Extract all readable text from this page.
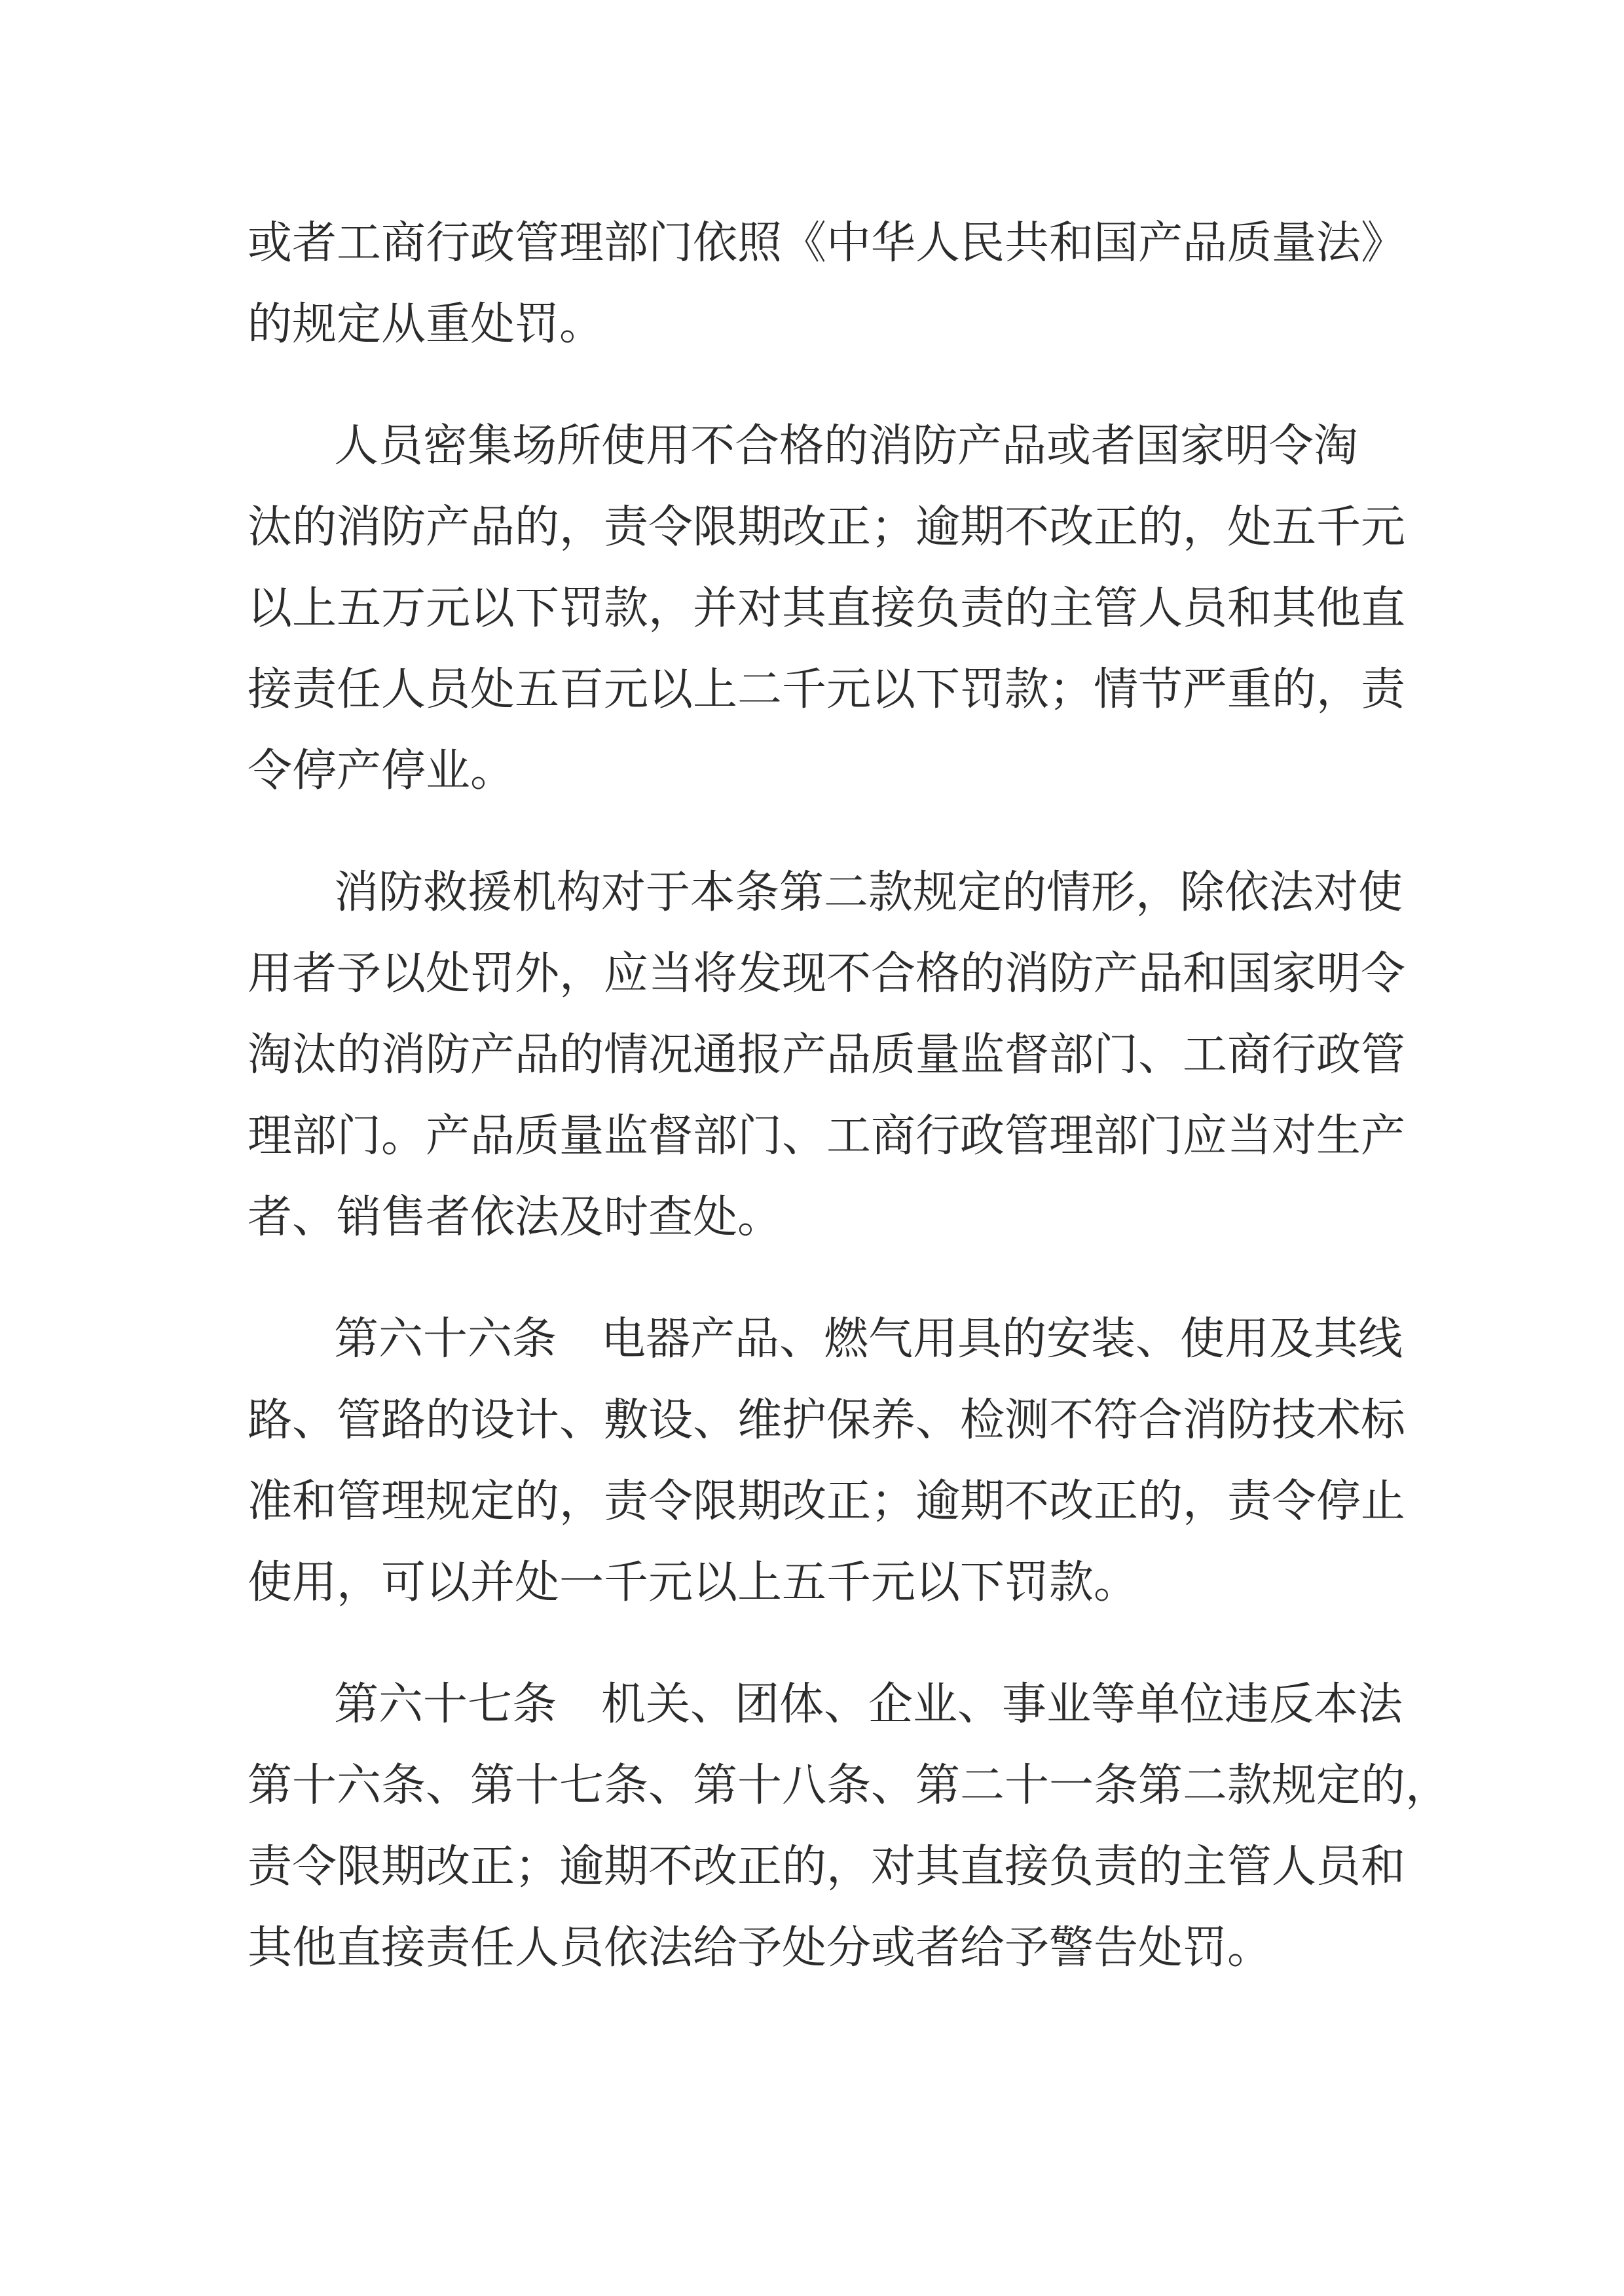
或者工商行政管理部门依照《中华人民共和国产品质量法》

的规定从重处罚。

人员密集场所使用不合格的消防产品或者国家明令淘

汰的消防产品的，责令限期改正；逾期不改正的，处五千元

以上五万元以下罚款，并对其直接负责的主管人员和其他直

接责任人员处五百元以上二千元以下罚款；情节严重的，责

令停产停业。

消防救援机构对于本条第二款规定的情形，除依法对使

用者予以处罚外，应当将发现不合格的消防产品和国家明令

淘汰的消防产品的情况通报产品质量监督部门、工商行政管

理部门。产品质量监督部门、工商行政管理部门应当对生产

者、销售者依法及时查处。

第六十六条　电器产品、燃气用具的安装、使用及其线

路、管路的设计、敷设、维护保养、检测不符合消防技术标

准和管理规定的，责令限期改正；逾期不改正的，责令停止

使用，可以并处一千元以上五千元以下罚款。

第六十七条　机关、团体、企业、事业等单位违反本法

第十六条、第十七条、第十八条、第二十一条第二款规定的，

责令限期改正；逾期不改正的，对其直接负责的主管人员和

其他直接责任人员依法给予处分或者给予警告处罚。
